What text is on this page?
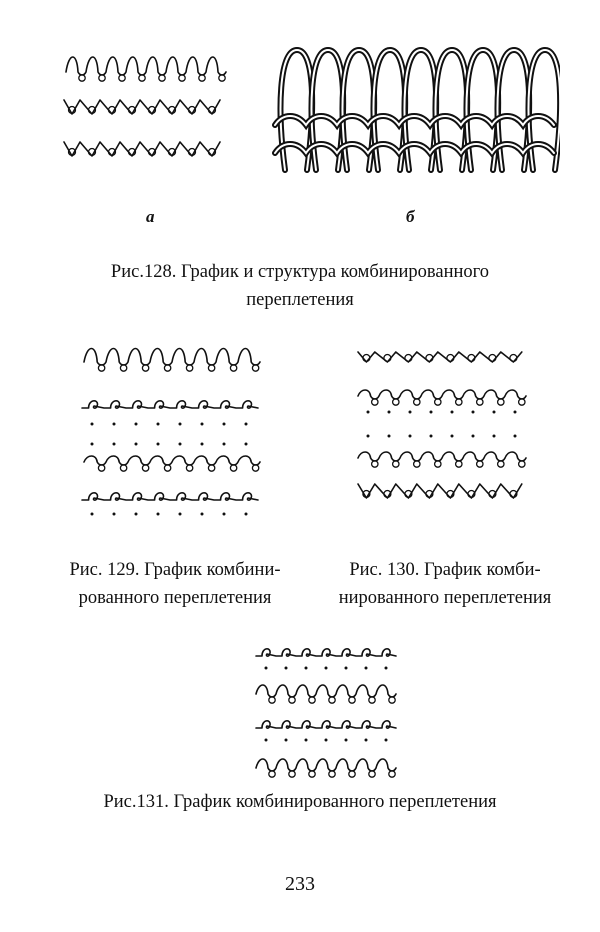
а	б
Рис.128. График и структура комбинированного
переплетения
Рис. 129. График комбини-
рованного переплетения
Рис. 130. График комби-
нированного переплетения
Рис.131. График комбинированного переплетения
233
